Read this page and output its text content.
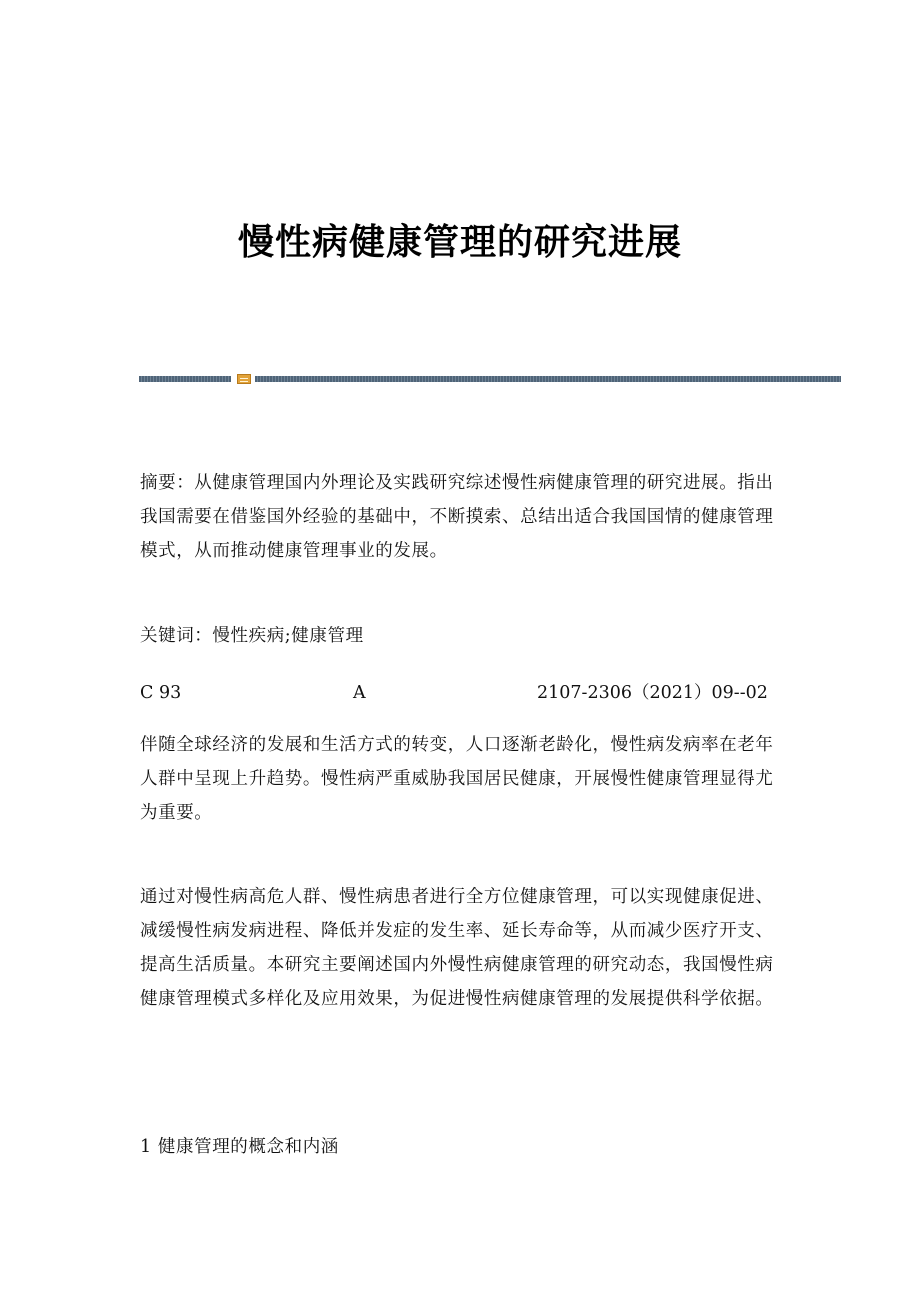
慢性病健康管理的研究进展

摘要：从健康管理国内外理论及实践研究综述慢性病健康管理的研究进展。指出我国需要在借鉴国外经验的基础中，不断摸索、总结出适合我国国情的健康管理模式，从而推动健康管理事业的发展。

关键词：慢性疾病;健康管理

C 93	A	2107-2306（2021）09--02

伴随全球经济的发展和生活方式的转变，人口逐渐老龄化，慢性病发病率在老年人群中呈现上升趋势。慢性病严重威胁我国居民健康，开展慢性健康管理显得尤为重要。

通过对慢性病高危人群、慢性病患者进行全方位健康管理，可以实现健康促进、减缓慢性病发病进程、降低并发症的发生率、延长寿命等，从而减少医疗开支、提高生活质量。本研究主要阐述国内外慢性病健康管理的研究动态，我国慢性病健康管理模式多样化及应用效果，为促进慢性病健康管理的发展提供科学依据。

1 健康管理的概念和内涵
